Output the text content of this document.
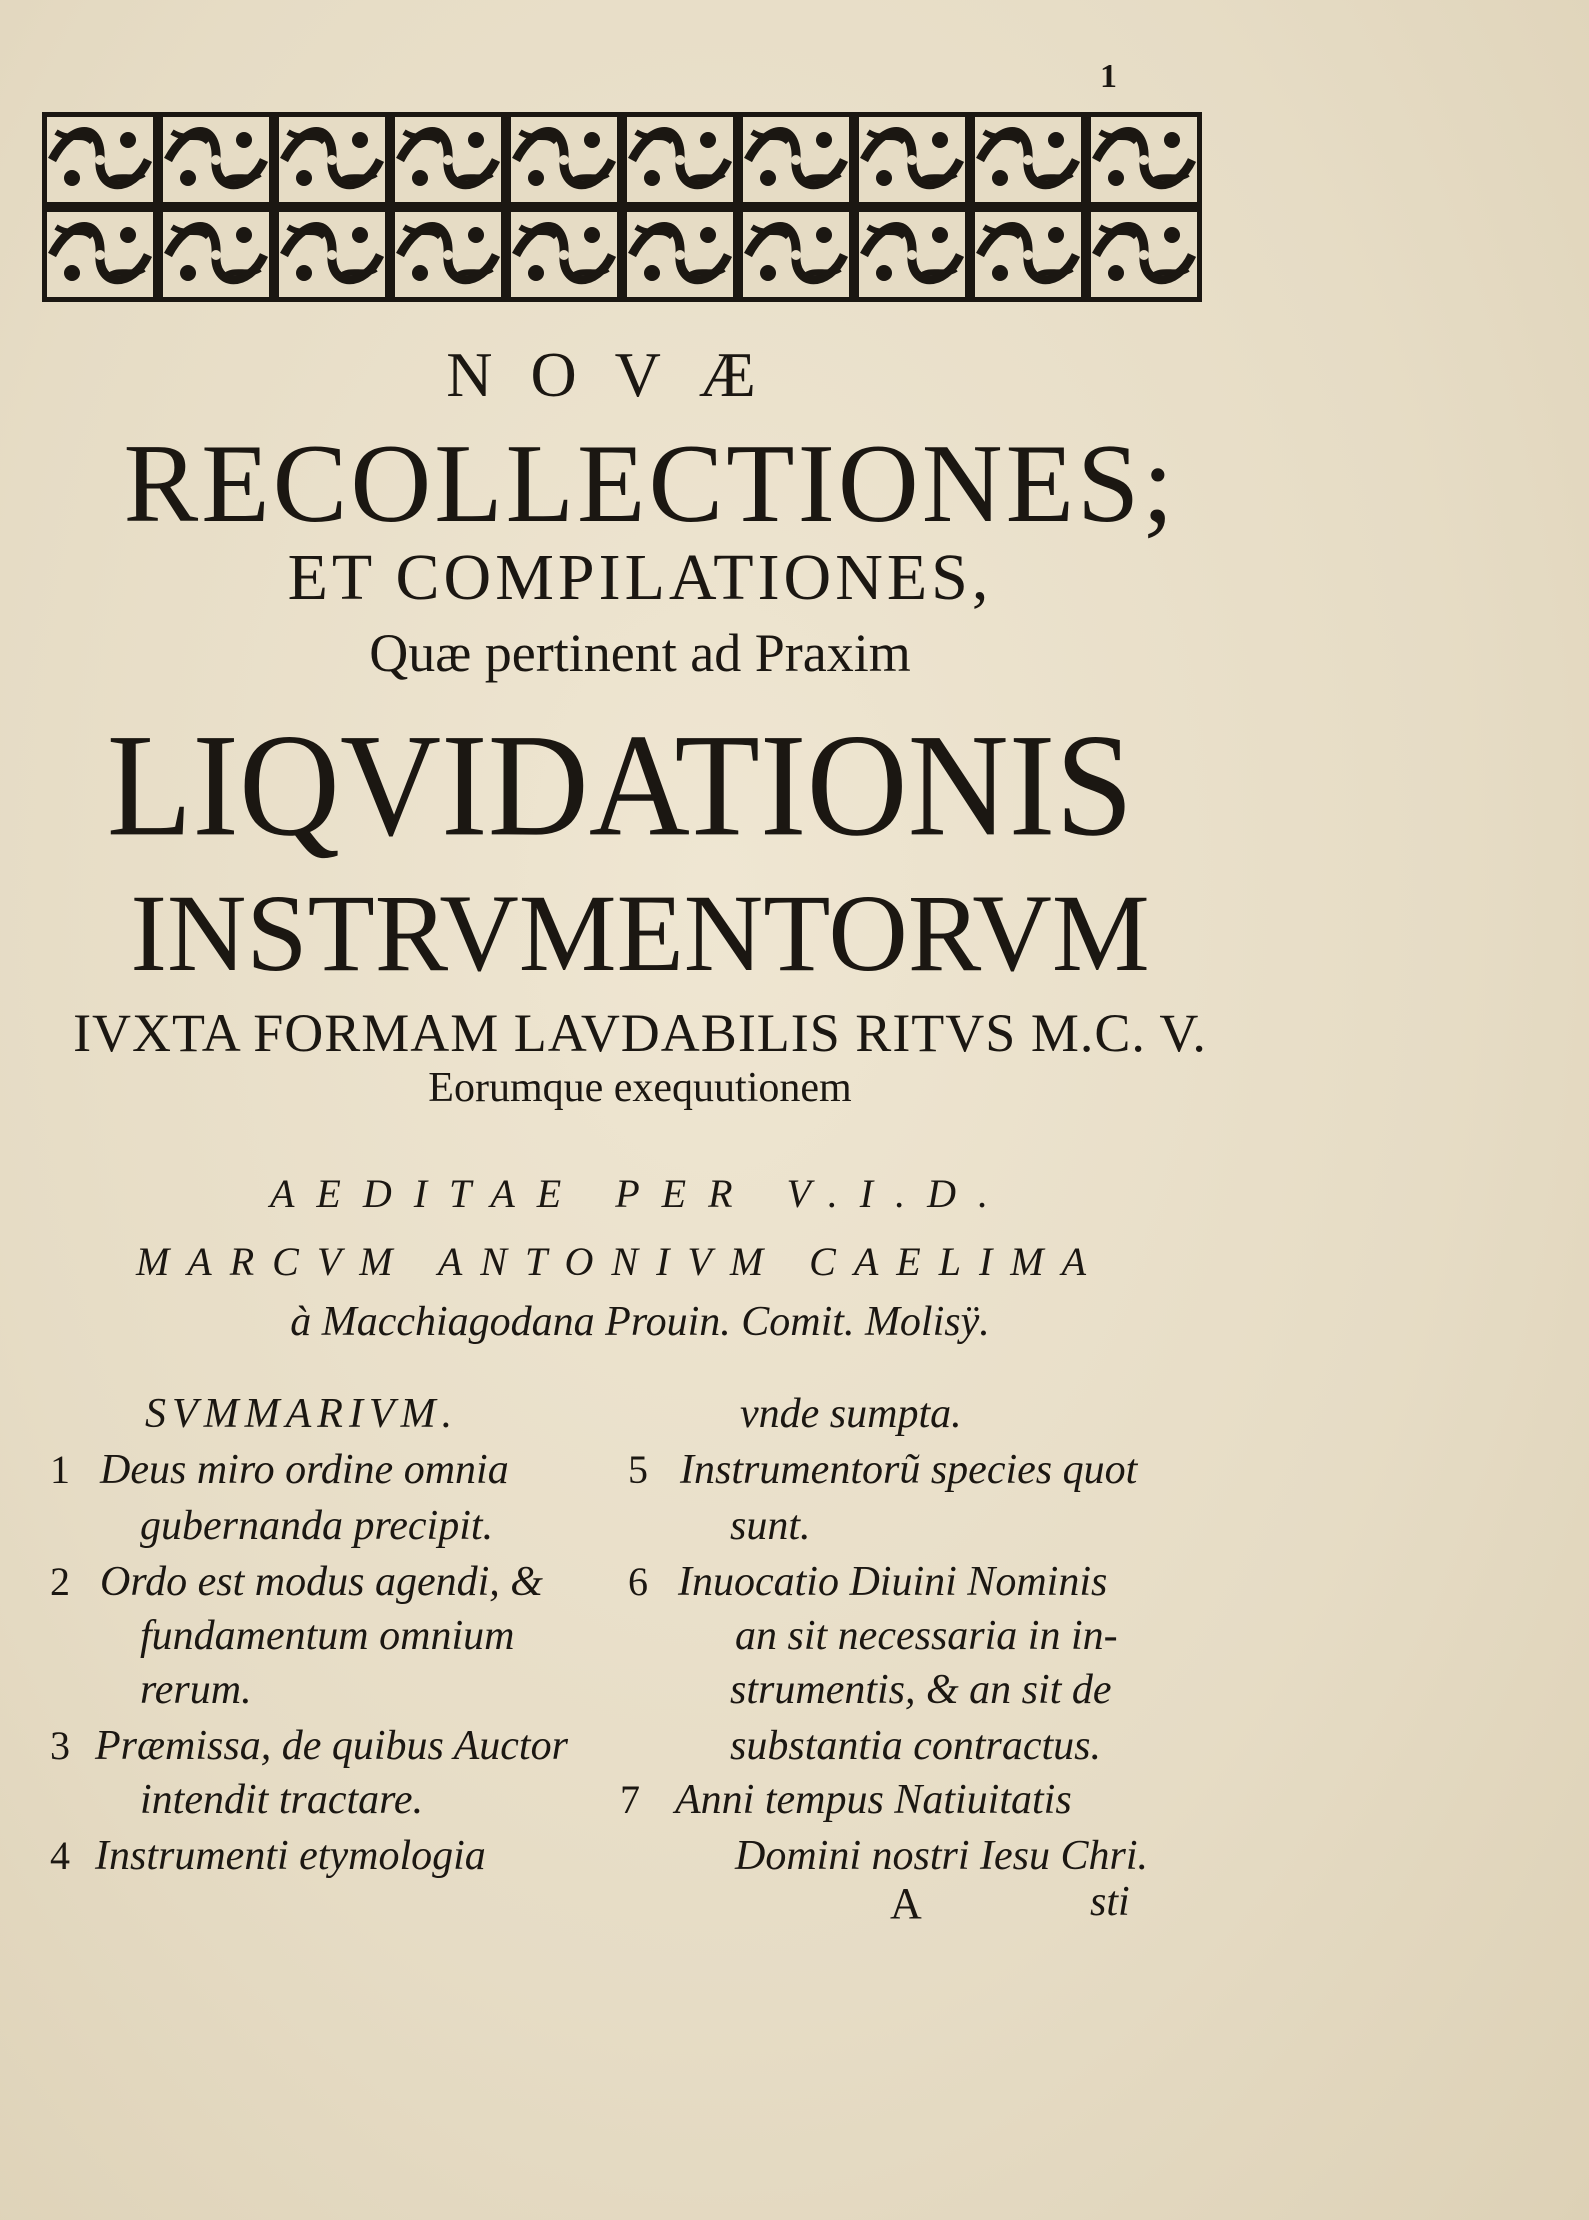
1
NOVÆ
RECOLLECTIONES;
ET COMPILATIONES,
Quæ pertinent ad Praxim
LIQVIDATIONIS
INSTRVMENTORVM
IVXTA FORMAM LAVDABILIS RITVS M.C. V.
Eorumque exequutionem
AEDITAE PER V.I.D.
MARCVM ANTONIVM CAELIMA
à Macchiagodana Prouin. Comit. Molisÿ.
SVMMARIVM.
1 Deus miro ordine omnia
gubernanda precipit.
2 Ordo est modus agendi, &
fundamentum omnium
rerum.
3 Præmissa, de quibus Auctor
intendit tractare.
4 Instrumenti etymologia
vnde sumpta.
5 Instrumentorũ species quot
sunt.
6 Inuocatio Diuini Nominis
an sit necessaria in in-
strumentis, & an sit de
substantia contractus.
7 Anni tempus Natiuitatis
Domini nostri Iesu Chri.
A	sti
